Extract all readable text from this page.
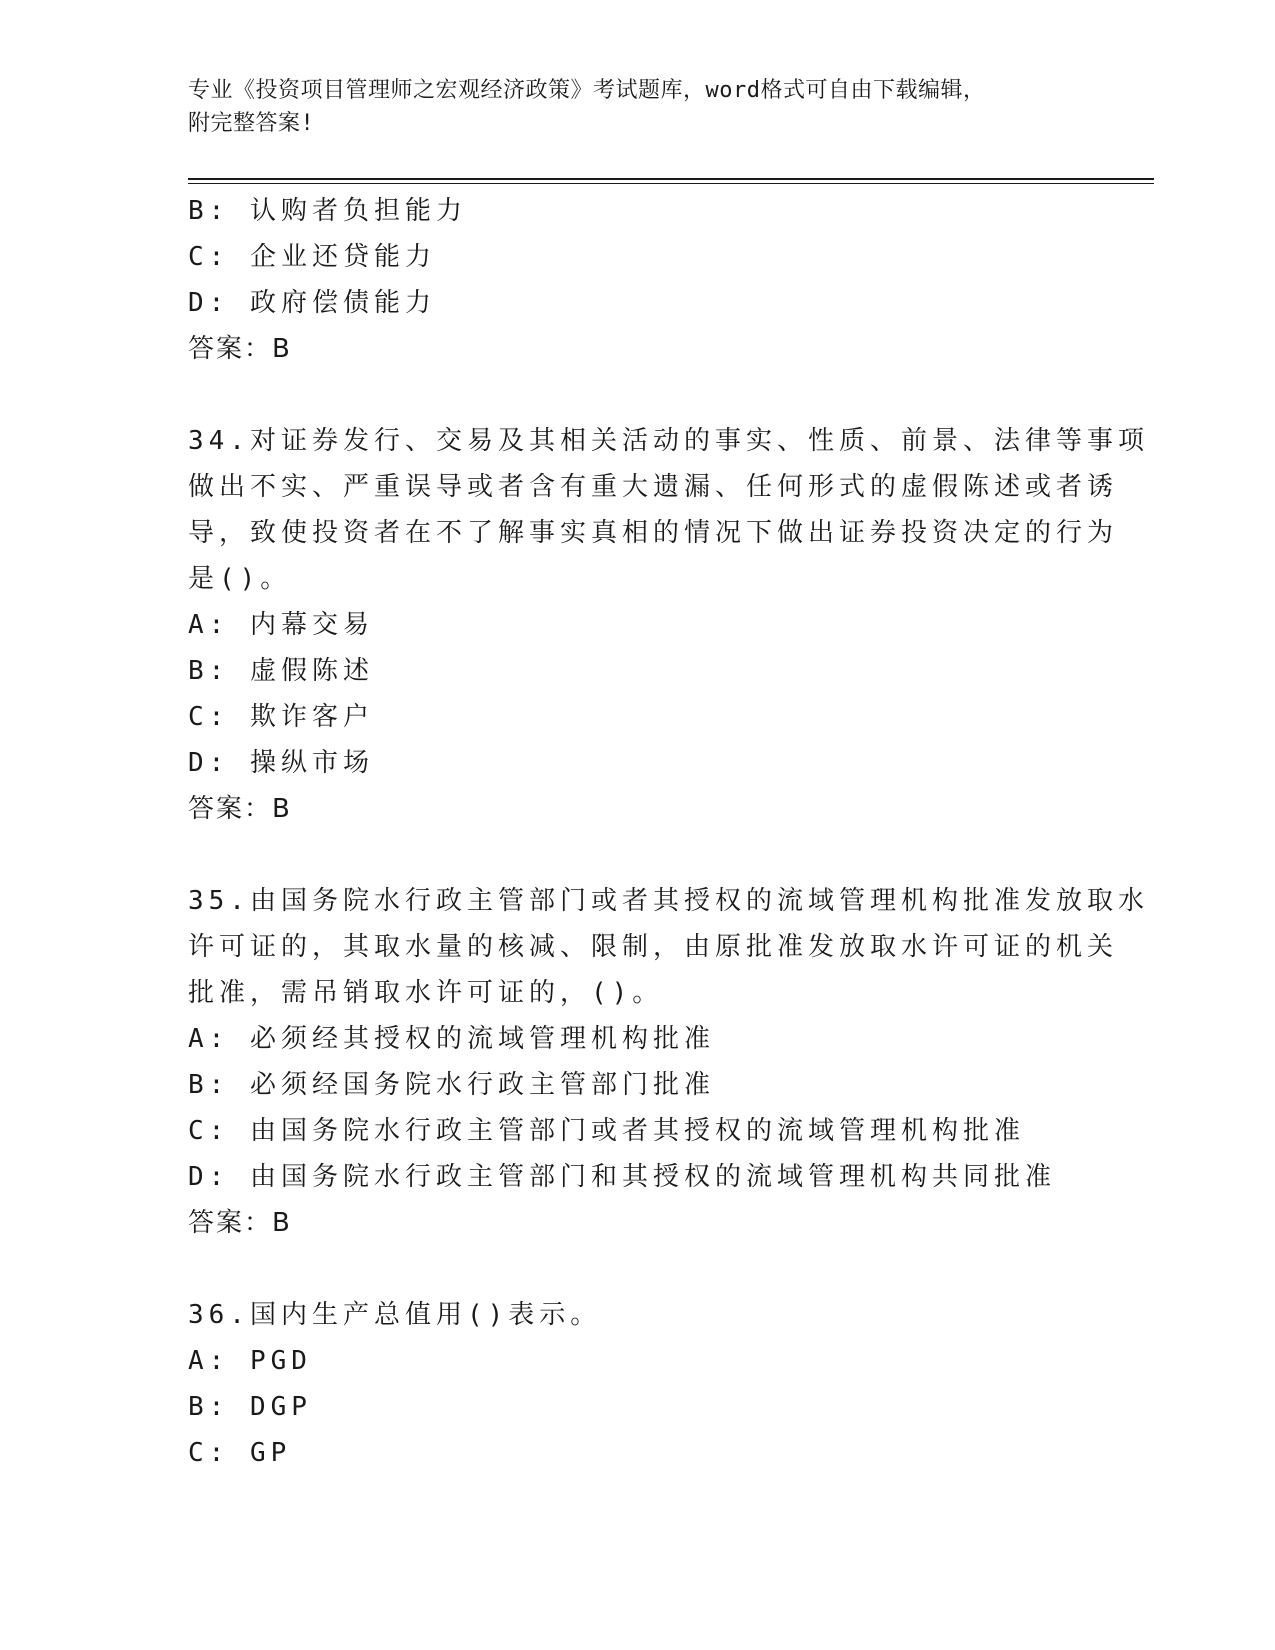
专业《投资项目管理师之宏观经济政策》考试题库，word格式可自由下载编辑，
附完整答案!
B: 认购者负担能力
C: 企业还贷能力
D: 政府偿债能力
答案：B
34.对证券发行、交易及其相关活动的事实、性质、前景、法律等事项
做出不实、严重误导或者含有重大遗漏、任何形式的虚假陈述或者诱
导，致使投资者在不了解事实真相的情况下做出证券投资决定的行为
是()。
A: 内幕交易
B: 虚假陈述
C: 欺诈客户
D: 操纵市场
答案：B
35.由国务院水行政主管部门或者其授权的流域管理机构批准发放取水
许可证的，其取水量的核减、限制，由原批准发放取水许可证的机关
批准，需吊销取水许可证的，()。
A: 必须经其授权的流域管理机构批准
B: 必须经国务院水行政主管部门批准
C: 由国务院水行政主管部门或者其授权的流域管理机构批准
D: 由国务院水行政主管部门和其授权的流域管理机构共同批准
答案：B
36.国内生产总值用()表示。
A: PGD
B: DGP
C: GP
